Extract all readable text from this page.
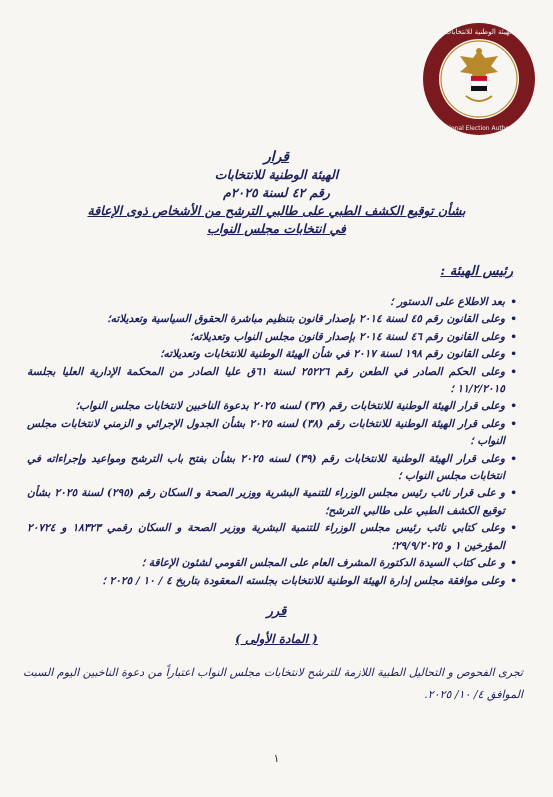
الهيئة الوطنية للانتخابات
National Election Authority
قرار
الهيئة الوطنية للانتخابات
رقم ٤٢ لسنة ٢٠٢٥م
بشأن توقيع الكشف الطبي على طالبي الترشح من الأشخاص ذوى الإعاقة
في انتخابات مجلس النواب
رئيس الهيئة :
• بعد الاطلاع على الدستور ؛
• وعلى القانون رقم ٤٥ لسنة ٢٠١٤ بإصدار قانون بتنظيم مباشرة الحقوق السياسية وتعديلاته؛
• وعلى القانون رقم ٤٦ لسنة ٢٠١٤ بإصدار قانون مجلس النواب وتعديلاته؛
• وعلى القانون رقم ١٩٨ لسنة ٢٠١٧ في شأن الهيئة الوطنية للانتخابات وتعديلاته؛
• وعلى الحكم الصادر في الطعن رقم ٢٥٢٢٦ لسنة ٦١ق عليا الصادر من المحكمة الإدارية العليا بجلسة ١١/٢/٢٠١٥ ؛
• وعلى قرار الهيئة الوطنية للانتخابات رقم (٣٧) لسنه ٢٠٢٥ بدعوة الناخبين لانتخابات مجلس النواب؛
• وعلى قرار الهيئة الوطنية للانتخابات رقم (٣٨) لسنه ٢٠٢٥ بشأن الجدول الإجرائي و الزمني لانتخابات مجلس النواب ؛
• وعلى قرار الهيئة الوطنية للانتخابات رقم (٣٩) لسنه ٢٠٢٥ بشأن بفتح باب الترشح ومواعيد وإجراءاته في انتخابات مجلس النواب ؛
• و على قرار نائب رئيس مجلس الوزراء للتنمية البشرية ووزير الصحة و السكان رقم (٢٩٥) لسنة ٢٠٢٥ بشأن توقيع الكشف الطبي على طالبي الترشح؛
• وعلى كتابي نائب رئيس مجلس الوزراء للتنمية البشرية ووزير الصحة و السكان رقمي ١٨٣٢٣ و ٢٠٧٢٤ المؤرخين ١ و ٢٩/٩/٢٠٢٥؛
• و على كتاب السيدة الدكتورة المشرف العام على المجلس القومي لشئون الإعاقة ؛
• وعلى موافقة مجلس إدارة الهيئة الوطنية للانتخابات بجلسته المعقودة بتاريخ ٤ / ١٠ / ٢٠٢٥ ؛
قرر
( المادة الأولى )
تجرى الفحوص و التحاليل الطبية اللازمة للترشح لانتخابات مجلس النواب اعتباراً من دعوة الناخبين اليوم السبت الموافق ٤/ ١٠/ ٢٠٢٥.
١
